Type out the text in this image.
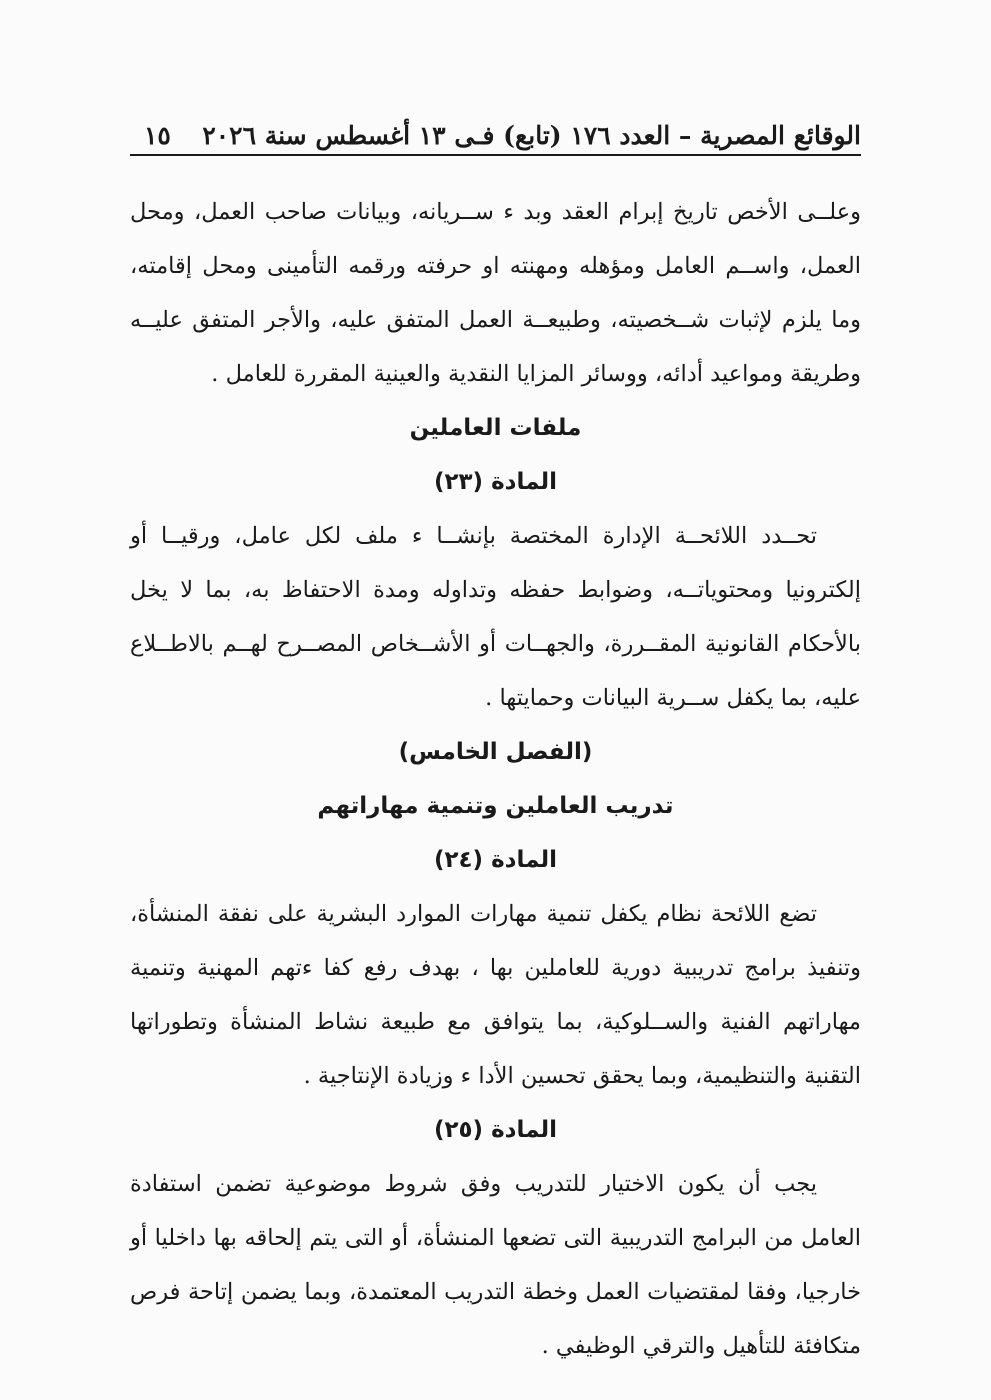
الوقائع المصرية – العدد ١٧٦ (تابع) فـى ١٣ أغسطس سنة ٢٠٢٦
١٥

وعلــى الأخص تاريخ إبرام العقد وبد ء ســريانه، وبيانات صاحب العمل، ومحل العمل، واســم العامل ومؤهله ومهنته او حرفته ورقمه التأمينى ومحل إقامته، وما يلزم لإثبات شــخصيته، وطبيعــة العمل المتفق عليه، والأجر المتفق عليــه وطريقة ومواعيد أدائه، ووسائر المزايا النقدية والعينية المقررة للعامل .

ملفات العاملين
المادة (٢٣)

تحــدد اللائحــة الإدارة المختصة بإنشــا ء ملف لكل عامل، ورقيــا أو إلكترونيا ومحتوياتــه، وضوابط حفظه وتداوله ومدة الاحتفاظ به، بما لا يخل بالأحكام القانونية المقــررة، والجهــات أو الأشــخاص المصــرح لهــم بالاطــلاع عليه، بما يكفل ســرية البيانات وحمايتها .

(الفصل الخامس)
تدريب العاملين وتنمية مهاراتهم
المادة (٢٤)

تضع اللائحة نظام يكفل تنمية مهارات الموارد البشرية على نفقة المنشأة، وتنفيذ برامج تدريبية دورية للعاملين بها ، بهدف رفع كفا ءتهم المهنية وتنمية مهاراتهم الفنية والســلوكية، بما يتوافق مع طبيعة نشاط المنشأة وتطوراتها التقنية والتنظيمية، وبما يحقق تحسين الأدا ء وزيادة الإنتاجية .

المادة (٢٥)

يجب أن يكون الاختيار للتدريب وفق شروط موضوعية تضمن استفادة العامل من البرامج التدريبية التى تضعها المنشأة، أو التى يتم إلحاقه بها داخليا أو خارجيا، وفقا لمقتضيات العمل وخطة التدريب المعتمدة، وبما يضمن إتاحة فرص متكافئة للتأهيل والترقي الوظيفي .
